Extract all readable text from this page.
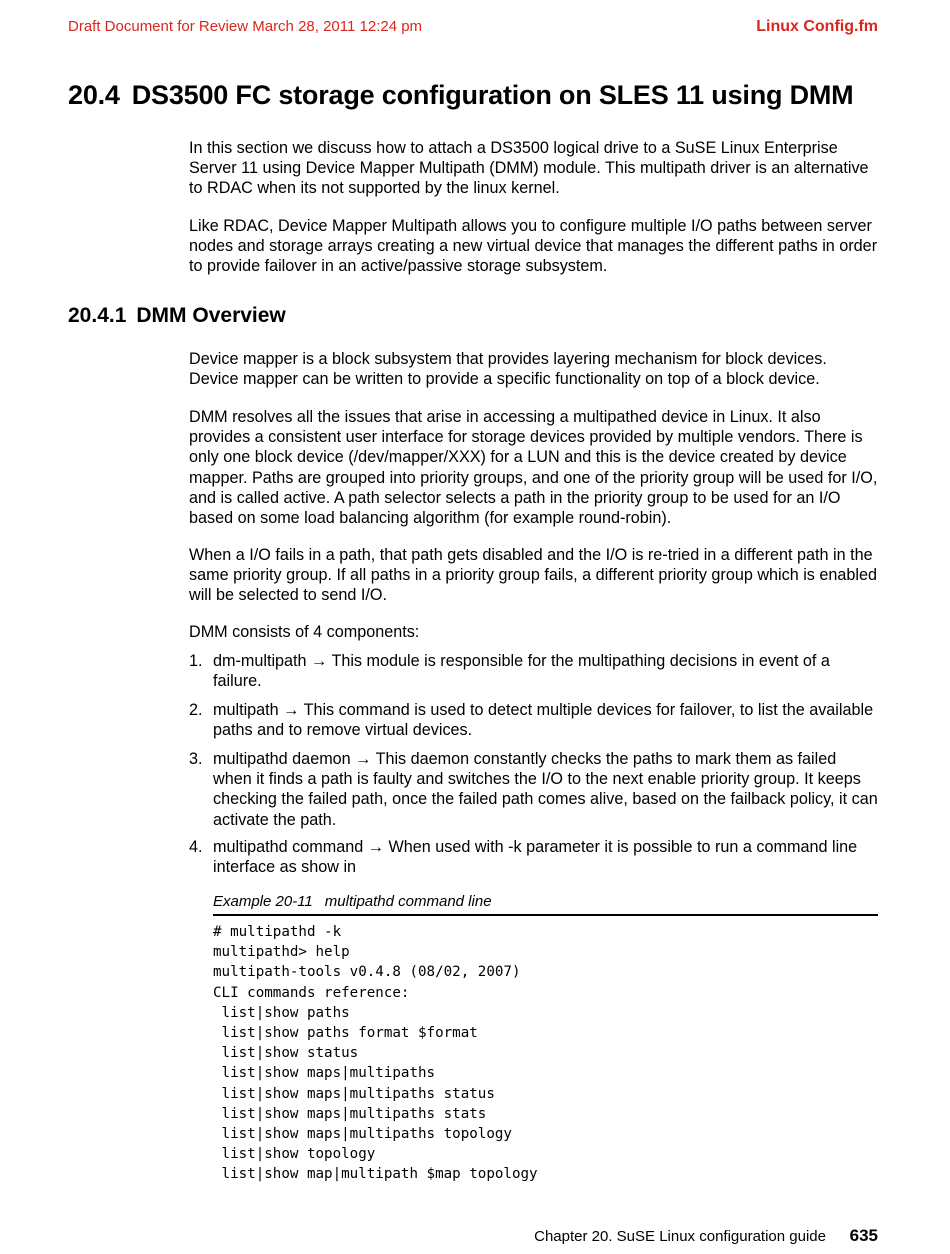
Draft Document for Review March 28, 2011 12:24 pm	Linux Config.fm
20.4 DS3500 FC storage configuration on SLES 11 using DMM

In this section we discuss how to attach a DS3500 logical drive to a SuSE Linux Enterprise Server 11 using Device Mapper Multipath (DMM) module. This multipath driver is an alternative to RDAC when its not supported by the linux kernel.

Like RDAC, Device Mapper Multipath allows you to configure multiple I/O paths between server nodes and storage arrays creating a new virtual device that manages the different paths in order to provide failover in an active/passive storage subsystem.

20.4.1 DMM Overview

Device mapper is a block subsystem that provides layering mechanism for block devices. Device mapper can be written to provide a specific functionality on top of a block device.

DMM resolves all the issues that arise in accessing a multipathed device in Linux. It also provides a consistent user interface for storage devices provided by multiple vendors. There is only one block device (/dev/mapper/XXX) for a LUN and this is the device created by device mapper. Paths are grouped into priority groups, and one of the priority group will be used for I/O, and is called active. A path selector selects a path in the priority group to be used for an I/O based on some load balancing algorithm (for example round-robin).

When a I/O fails in a path, that path gets disabled and the I/O is re-tried in a different path in the same priority group. If all paths in a priority group fails, a different priority group which is enabled will be selected to send I/O.

DMM consists of 4 components:

1. dm-multipath → This module is responsible for the multipathing decisions in event of a failure.
2. multipath → This command is used to detect multiple devices for failover, to list the available paths and to remove virtual devices.
3. multipathd daemon → This daemon constantly checks the paths to mark them as failed when it finds a path is faulty and switches the I/O to the next enable priority group. It keeps checking the failed path, once the failed path comes alive, based on the failback policy, it can activate the path.
4. multipathd command → When used with -k parameter it is possible to run a command line interface as show in
Example 20-11 multipathd command line
# multipathd -k
multipathd> help
multipath-tools v0.4.8 (08/02, 2007)
CLI commands reference:
list|show paths
list|show paths format $format
list|show status
list|show maps|multipaths
list|show maps|multipaths status
list|show maps|multipaths stats
list|show maps|multipaths topology
list|show topology
list|show map|multipath $map topology
Chapter 20. SuSE Linux configuration guide 635
